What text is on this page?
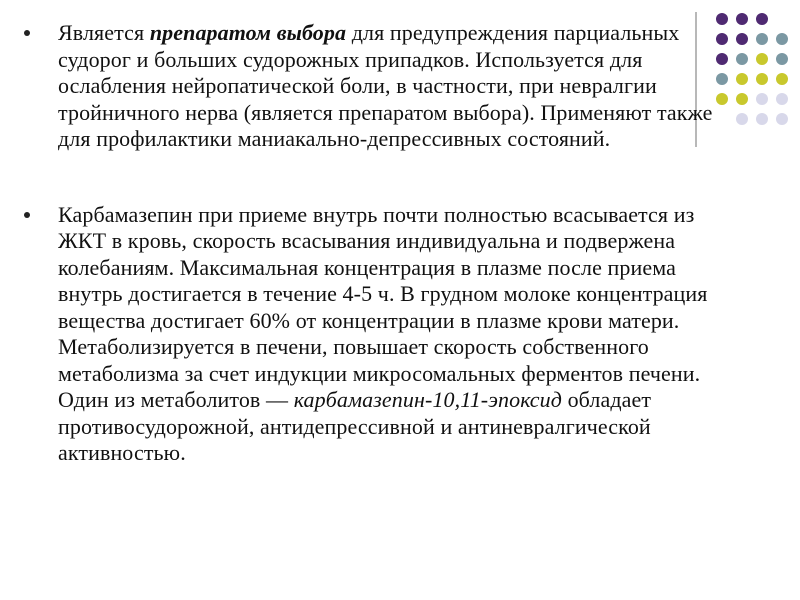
Является препаратом выбора для предупреждения парциальных судорог и больших судорожных припадков. Используется для ослабления нейропатической боли, в частности, при невралгии тройничного нерва (является препаратом выбора). Применяют также для профилактики маниакально-депрессивных состояний.

Карбамазепин при приеме внутрь почти полностью всасывается из ЖКТ в кровь, скорость всасывания индивидуальна и подвержена колебаниям. Максимальная концентрация в плазме после приема внутрь достигается в течение 4-5 ч. В грудном молоке концентрация вещества достигает 60% от концентрации в плазме крови матери. Метаболизируется в печени, повышает скорость собственного метаболизма за счет индукции микросомальных ферментов печени. Один из метаболитов — карбамазепин-10,11-эпоксид обладает противосудорожной, антидепрессивной и антиневралгической активностью.
